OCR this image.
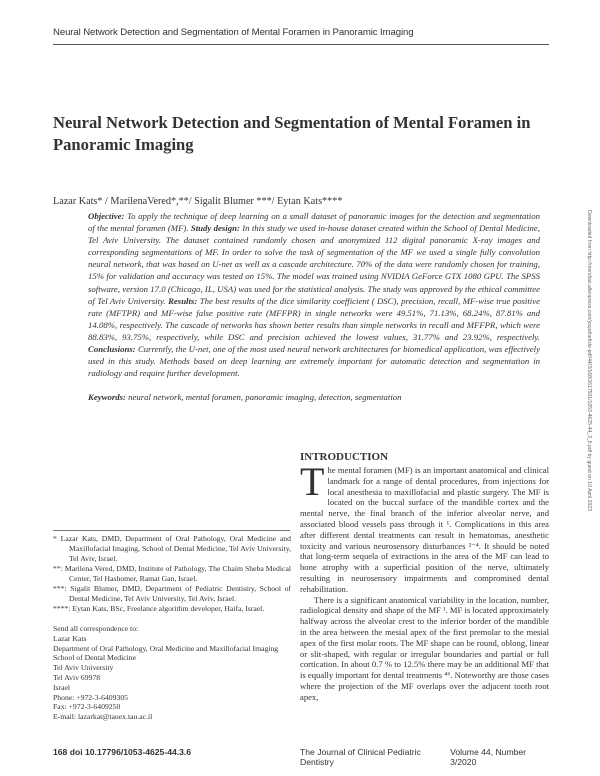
Neural Network Detection and Segmentation of Mental Foramen in Panoramic Imaging
Neural Network Detection and Segmentation of Mental Foramen in Panoramic Imaging
Lazar Kats* / MarilenaVered*,**/ Sigalit Blumer ***/ Eytan Kats****

Objective: To apply the technique of deep learning on a small dataset of panoramic images for the detection and segmentation of the mental foramen (MF). Study design: In this study we used in-house dataset created within the School of Dental Medicine, Tel Aviv University. The dataset contained randomly chosen and anonymized 112 digital panoramic X-ray images and corresponding segmentations of MF. In order to solve the task of segmentation of the MF we used a single fully convolution neural network, that was based on U-net as well as a cascade architecture. 70% of the data were randomly chosen for training, 15% for validation and accuracy was tested on 15%. The model was trained using NVIDIA GeForce GTX 1080 GPU. The SPSS software, version 17.0 (Chicago, IL, USA) was used for the statistical analysis. The study was approved by the ethical committee of Tel Aviv University. Results: The best results of the dice similarity coefficient ( DSC), precision, recall, MF-wise true positive rate (MFTPR) and MF-wise false positive rate (MFFPR) in single networks were 49.51%, 71.13%, 68.24%, 87.81% and 14.08%, respectively. The cascade of networks has shown better results than simple networks in recall and MFFPR, which were 88.83%, 93.75%, respectively, while DSC and precision achieved the lowest values, 31.77% and 23.92%, respectively. Conclusions: Currently, the U-net, one of the most used neural network architectures for biomedical application, was effectively used in this study. Methods based on deep learning are extremely important for automatic detection and segmentation in radiology and require further development.

Keywords: neural network, mental foramen, panoramic imaging, detection, segmentation

INTRODUCTION

The mental foramen (MF) is an important anatomical and clinical landmark for a range of dental procedures, from injections for local anesthesia to maxillofacial and plastic surgery. The MF is located on the buccal surface of the mandible cortex and the mental nerve, the final branch of the inferior alveolar nerve, and associated blood vessels pass through it ¹. Complications in this area after different dental treatments can result in hematomas, anesthetic toxicity and various neurosensory disturbances ²⁻⁴. It should be noted that long-term sequela of extractions in the area of the MF can lead to bone atrophy with a superficial position of the nerve, ultimately resulting in neurosensory impairments and compromised dental rehabilitation.

There is a significant anatomical variability in the location, number, radiological density and shape of the MF ¹. MF is located approximately halfway across the alveolar crest to the inferior border of the mandible in the area between the mesial apex of the first premolar to the mesial apex of the first molar roots. The MF shape can be round, oblong, linear or slit-shaped, with regular or irregular boundaries and partial or full cortication. In about 0.7 % to 12.5% there may be an additional MF that is equally important for dental treatments ⁴⁶. Noteworthy are those cases where the projection of the MF overlaps over the adjacent tooth root apex,

* Lazar Kats, DMD, Department of Oral Pathology, Oral Medicine and Maxillofacial Imaging, School of Dental Medicine, Tel Aviv University, Tel Aviv, Israel.
**: Marilena Vered, DMD, Institute of Pathology, The Chaim Sheba Medical Center, Tel Hashomer, Ramat Gan, Israel.
***: Sigalit Blumer, DMD, Department of Pediatric Dentistry, School of Dental Medicine, Tel Aviv University, Tel Aviv, Israel.
****: Eytan Kats, BSc, Freelance algorithm developer, Haifa, Israel.
Send all correspondence to:
Lazar Kats
Department of Oral Pathology, Oral Medicine and Maxillofacial Imaging
School of Dental Medicine
Tel Aviv University
Tel Aviv 69978
Israel
Phone: +972-3-6409305
Fax: +972-3-6409250
E-mail: lazarkat@tauex.tau.ac.il
168 doi 10.17796/1053-4625-44.3.6	The Journal of Clinical Pediatric Dentistry
Volume 44, Number 3/2020
Downloaded from http://meridian.allenpress.com/jocpd/article-pdf/44/3/168/2617501/1053-4625-44_3_6.pdf by guest on 10 April 2023
